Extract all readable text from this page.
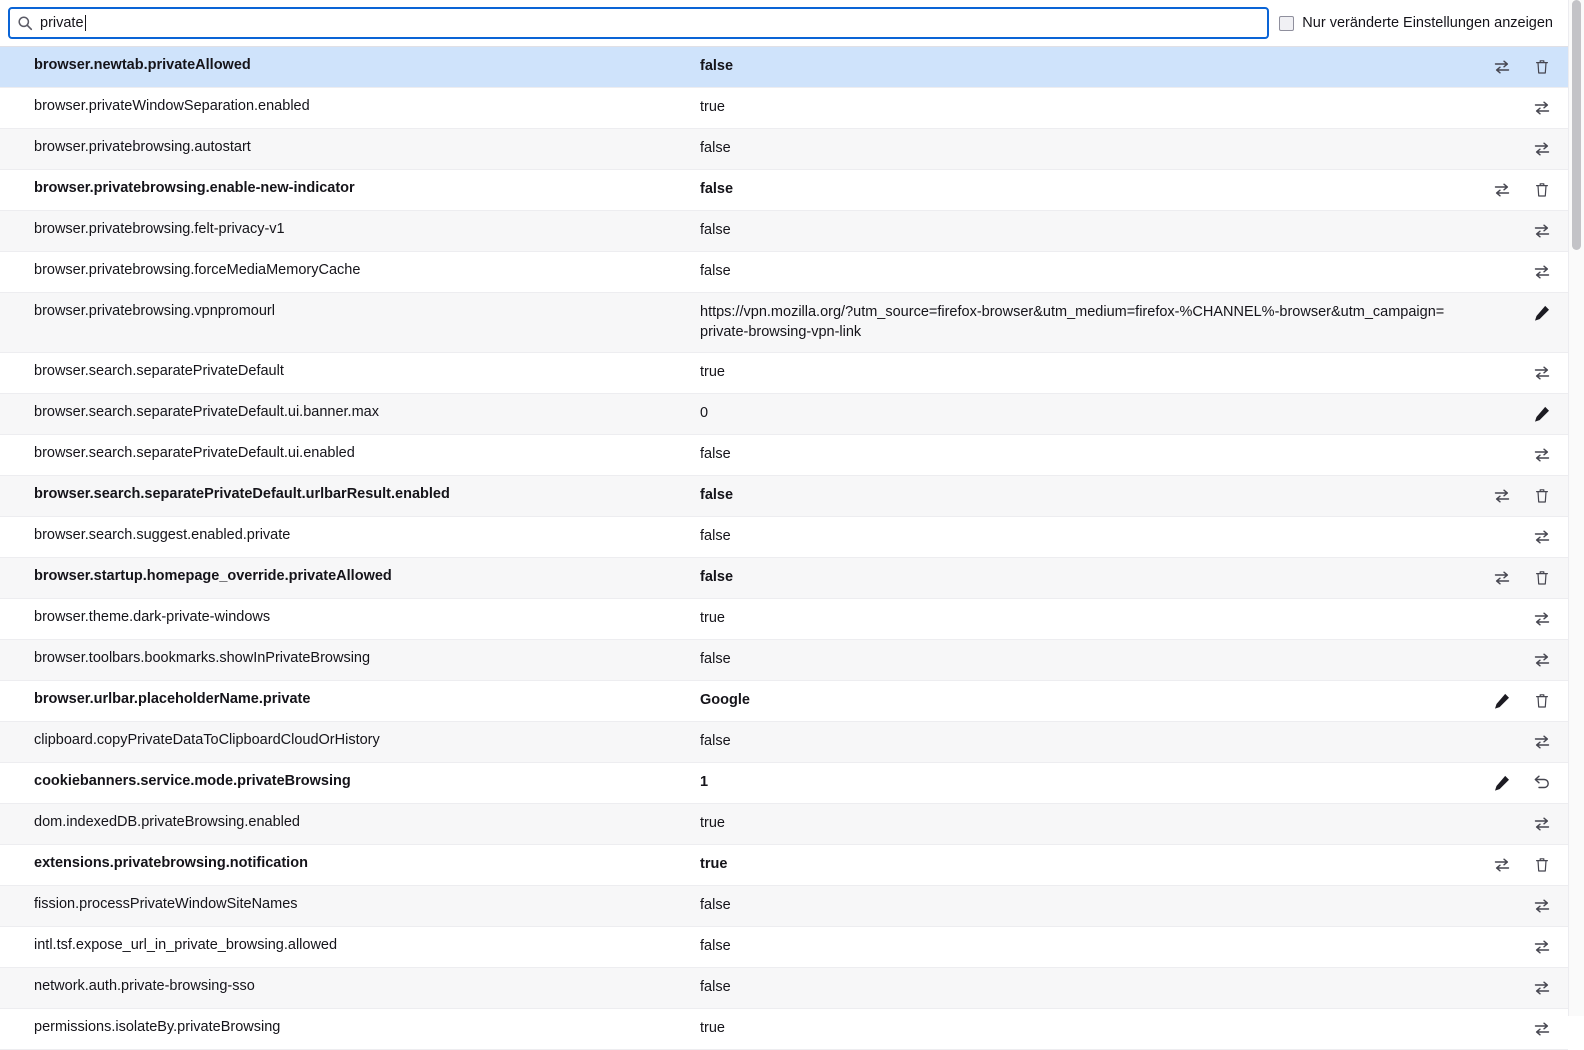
private	Nur veränderte Einstellungen anzeigen
browser.newtab.privateAllowed	false
browser.privateWindowSeparation.enabled	true
browser.privatebrowsing.autostart	false
browser.privatebrowsing.enable-new-indicator	false
browser.privatebrowsing.felt-privacy-v1	false
browser.privatebrowsing.forceMediaMemoryCache	false
browser.privatebrowsing.vpnpromourl	https://vpn.mozilla.org/?utm_source=firefox-browser&utm_medium=firefox-%CHANNEL%-browser&utm_campaign=private-browsing-vpn-link
browser.search.separatePrivateDefault	true
browser.search.separatePrivateDefault.ui.banner.max	0
browser.search.separatePrivateDefault.ui.enabled	false
browser.search.separatePrivateDefault.urlbarResult.enabled	false
browser.search.suggest.enabled.private	false
browser.startup.homepage_override.privateAllowed	false
browser.theme.dark-private-windows	true
browser.toolbars.bookmarks.showInPrivateBrowsing	false
browser.urlbar.placeholderName.private	Google
clipboard.copyPrivateDataToClipboardCloudOrHistory	false
cookiebanners.service.mode.privateBrowsing	1
dom.indexedDB.privateBrowsing.enabled	true
extensions.privatebrowsing.notification	true
fission.processPrivateWindowSiteNames	false
intl.tsf.expose_url_in_private_browsing.allowed	false
network.auth.private-browsing-sso	false
permissions.isolateBy.privateBrowsing	true
